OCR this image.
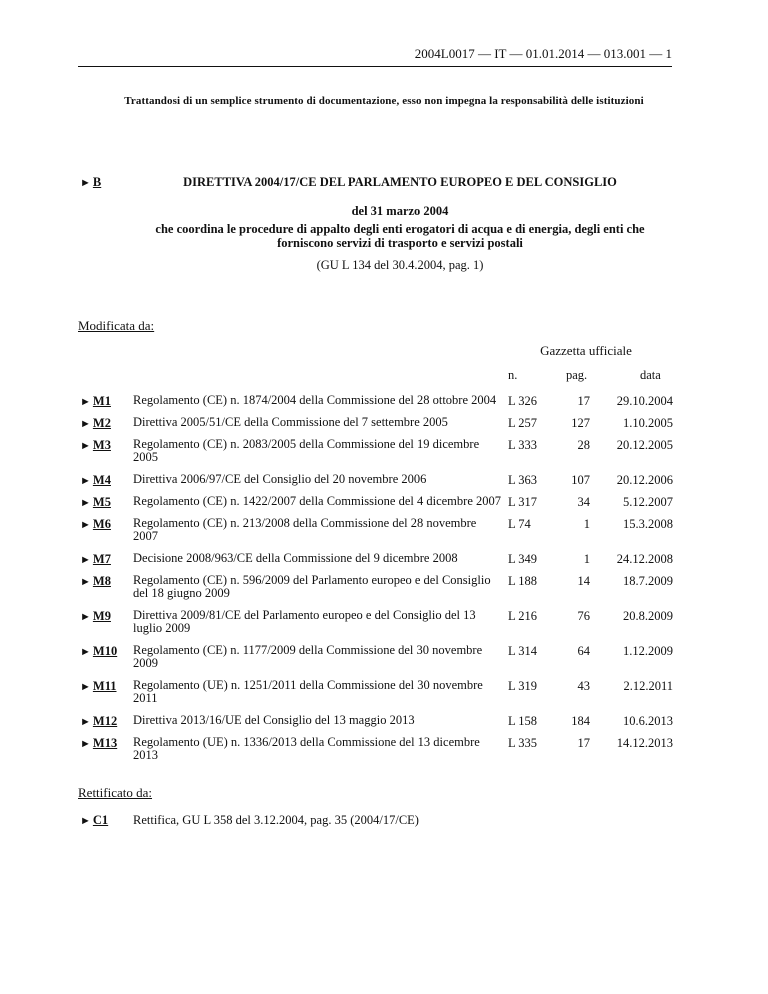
2004L0017 — IT — 01.01.2014 — 013.001 — 1
Trattandosi di un semplice strumento di documentazione, esso non impegna la responsabilità delle istituzioni
► B	DIRETTIVA 2004/17/CE DEL PARLAMENTO EUROPEO E DEL CONSIGLIO
del 31 marzo 2004
che coordina le procedure di appalto degli enti erogatori di acqua e di energia, degli enti che forniscono servizi di trasporto e servizi postali
(GU L 134 del 30.4.2004, pag. 1)
Modificata da:
Gazzetta ufficiale
n.	pag.	data
► M1 Regolamento (CE) n. 1874/2004 della Commissione del 28 ottobre 2004 L 326	17	29.10.2004
► M2 Direttiva 2005/51/CE della Commissione del 7 settembre 2005	L 257	127	1.10.2005
► M3 Regolamento (CE) n. 2083/2005 della Commissione del 19 dicembre 2005
L 333	28	20.12.2005
► M4 Direttiva 2006/97/CE del Consiglio del 20 novembre 2006	L 363	107	20.12.2006
► M5 Regolamento (CE) n. 1422/2007 della Commissione del 4 dicembre 2007 L 317	34	5.12.2007
► M6 Regolamento (CE) n. 213/2008 della Commissione del 28 novembre 2007
L 74	1	15.3.2008
► M7 Decisione 2008/963/CE della Commissione del 9 dicembre 2008	L 349	1	24.12.2008
► M8 Regolamento (CE) n. 596/2009 del Parlamento europeo e del Consiglio del 18 giugno 2009
L 188	14	18.7.2009
► M9 Direttiva 2009/81/CE del Parlamento europeo e del Consiglio del 13 luglio 2009
L 216	76	20.8.2009
► M10 Regolamento (CE) n. 1177/2009 della Commissione del 30 novembre 2009
L 314	64	1.12.2009
► M11 Regolamento (UE) n. 1251/2011 della Commissione del 30 novembre 2011
L 319	43	2.12.2011
► M12 Direttiva 2013/16/UE del Consiglio del 13 maggio 2013	L 158	184	10.6.2013
► M13 Regolamento (UE) n. 1336/2013 della Commissione del 13 dicembre 2013
L 335	17	14.12.2013
Rettificato da:
► C1 Rettifica, GU L 358 del 3.12.2004, pag. 35 (2004/17/CE)
